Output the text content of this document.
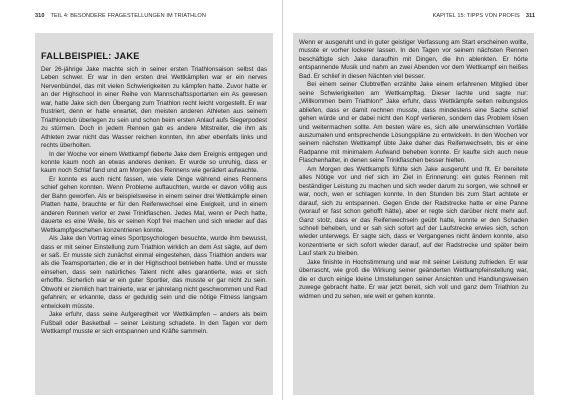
310 TEIL 4: BESONDERE FRAGESTELLUNGEN IM TRIATHLON	KAPITEL 15: TIPPS VON PROFIS 311
FALLBEISPIEL: JAKE

Der 26-jährige Jake machte sich in seiner ersten Triathlonsaison selbst das Leben schwer. Er war in den ersten drei Wettkämpfen war er ein nerves Nervenbündel, das mit vielen Schwierigkeiten zu kämpfen hatte. Zuvor hatte er an der Highschool in einer Reihe von Mannschaftssportarten ein As gewesen war, hatte Jake sich den Übergang zum Triathlon recht leicht vorgestellt. Er war frustriert, denn er hatte erwartet, den meisten anderen Athleten aus seinem Triathlonclub überlegen zu sein und schon beim ersten Anlauf aufs Siegerpodest zu stürmen. Doch in jedem Rennen gab es andere Mitstreiter, die ihm als Athleten zwar nicht das Wasser reichen konnten, ihn aber ebenfalls links und rechts überholten.

In der Woche vor einem Wettkampf fieberte Jake dem Ereignis entgegen und konnte kaum noch an etwas anderes denken. Er wurde so unruhig, dass er kaum noch Schlaf fand und am Morgen des Rennens wie gerädert aufwachte.

Er konnte es auch nicht fassen, wie viele Dinge während eines Rennens schief gehen konnten. Wenn Probleme auftauchten, wurde er davon völlig aus der Bahn geworfen. Als er beispielsweise in einem seiner drei Wettkämpfe einen Platten hatte, brauchte er für den Reifenwechsel eine Ewigkeit, und in einem anderen Rennen verlor er zwei Trinkflaschen. Jedes Mal, wenn er Pech hatte, dauerte es eine Weile, bis er seinen Kopf frei machen und sich wieder auf das Wettkampfgeschehen konzentrieren konnte.

Als Jake den Vortrag eines Sportpsychologen besuchte, wurde ihm bewusst, dass er mit seiner Einstellung zum Triathlon wirklich an dem Ast sägte, auf dem er saß. Er musste sich zunächst einmal eingestehen, dass Triathlon anders war als die Teamsportarten, die er in der Highschool betrieben hatte. Und er musste einsehen, dass sein natürliches Talent nicht alles garantierte, was er sich erhoffte. Sicherlich war er ein guter Sportler, das musste er gar nicht zu sein. Obwohl er ziemlich hart trainierte, war er jahrelang nicht geschwommen und Rad gefahren; er erkannte, dass er geduldig sein und die nötige Fitness langsam entwickeln müsste.

Jake erfuhr, dass seine Aufgeregtheit vor Wettkämpfen – anders als beim Fußball oder Basketball – seiner Leistung schadete. In den Tagen vor dem Wettkampf musste er sich entspannen und Kräfte sammeln.

Wenn er ausgeruht und in guter geistiger Verfassung am Start erscheinen wollte, musste er vorher lockerer lassen. In den Tagen vor seinem nächsten Rennen beschäftigte sich Jake daraufhin mit Dingen, die ihn ablenkten. Er hörte entspannende Musik und nahm an zwei Abenden vor dem Wettkampf ein heißes Bad. Er schlief in diesen Nächten viel besser.

Bei einem seiner Clubtreffen erzählte Jake einem erfahrenen Mitglied über seine Schwierigkeiten am Wettkampftag. Dieser lachte und sagte nur: „Willkommen beim Triathlon!“ Jake erfuhr, dass Wettkämpfe selten reibungslos abliefen, dass er damit rechnen musste, dass mindestens eine Sache schief gehen würde und er dabei nicht den Kopf verlieren, sondern das Problem lösen und weitermachen sollte. Am besten wäre es, sich alle unerwünschten Vorfälle auszumalen und entsprechende Lösungspläne zu entwickeln. In den Wochen vor seinem nächsten Wettkampf übte Jake daher das Reifenwechseln, bis er eine Radpanne mit minimalem Aufwand beheben konnte. Er kaufte sich auch neue Flaschenhalter, in denen seine Trinkflaschen besser hielten.

Am Morgen des Wettkampfs fühlte sich Jake ausgeruht und fit. Er bereitete alles Nötige vor und rief sich im Ziel in Erinnerung: ein gutes Rennen mit beständiger Leistung zu machen und sich weder darum zu sorgen, wie schnell er war, noch, wen er schlagen konnte. In den Stunden bis zum Start achtete er darauf, sich zu entspannen. Gegen Ende der Radstrecke hatte er eine Panne (worauf er fast schon gehofft hätte), aber er regte sich darüber nicht mehr auf. Ganz stolz, dass er das Reifenwechseln geübt hatte, konnte er den Schaden schnell beheben, und er sah sich sofort auf der Laufstrecke erwies sich, schon wieder unterwegs. Er sagte sich, dass er Vergangenes nicht ändern konnte, also konzentrierte er sich sofort wieder darauf, auf der Radstrecke und später beim Lauf stark zu bleiben.

Jake finishte in Hochstimmung und war mit seiner Leistung zufrieden. Er war überrascht, wie groß die Wirkung seiner geänderten Wettkampfeinstellung war, die er durch einige kleine Umstellungen seiner Ansichten und Handlungsweisen zuwege gebracht hatte. Er war jetzt bereit, sich voll und ganz dem Triathlon zu widmen und zu sehen, wie weit er gehen konnte.
